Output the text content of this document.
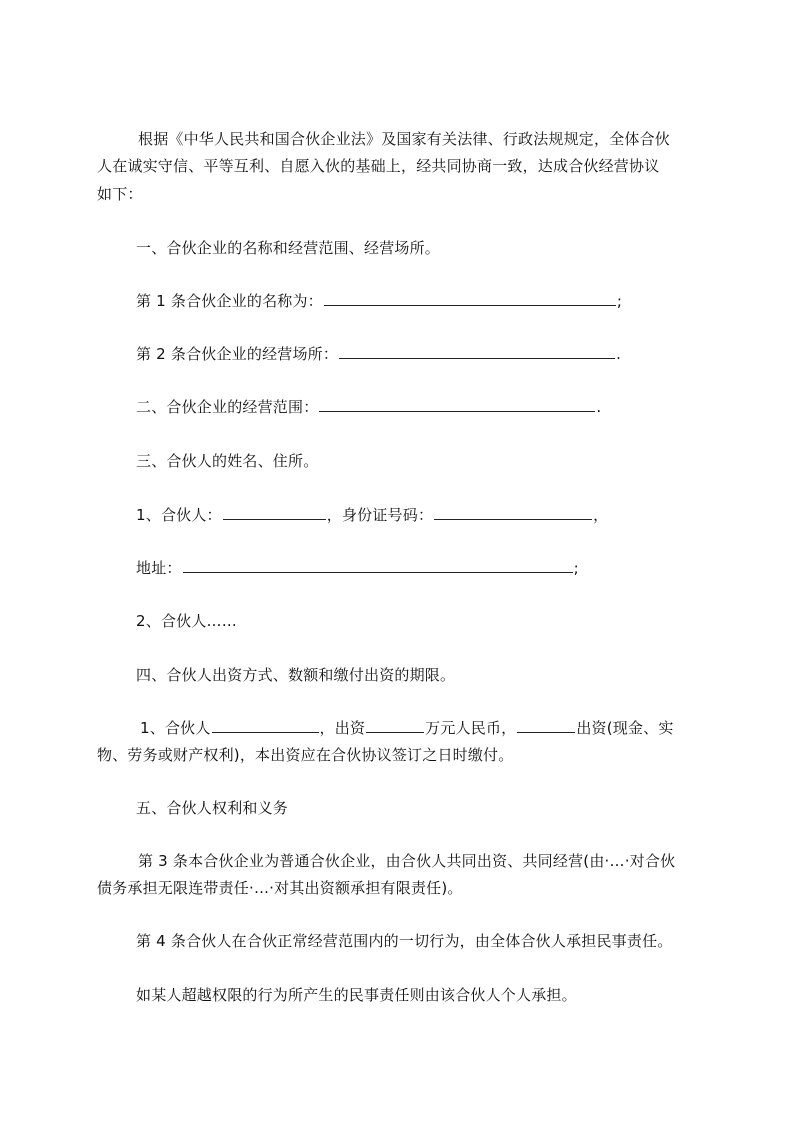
根据《中华人民共和国合伙企业法》及国家有关法律、行政法规规定，全体合伙
人在诚实守信、平等互利、自愿入伙的基础上，经共同协商一致，达成合伙经营协议
如下：
一、合伙企业的名称和经营范围、经营场所。
第 1 条合伙企业的名称为：	;
第 2 条合伙企业的经营场所：	.
二、合伙企业的经营范围：	.
三、合伙人的姓名、住所。
1、合伙人：	，身份证号码：	，
地址：	;
2、合伙人……
四、合伙人出资方式、数额和缴付出资的期限。
1、合伙人	，出资	万元人民币，	出资(现金、实
物、劳务或财产权利)，本出资应在合伙协议签订之日时缴付。
五、合伙人权利和义务
第 3 条本合伙企业为普通合伙企业，由合伙人共同出资、共同经营(由·…·对合伙
债务承担无限连带责任·…·对其出资额承担有限责任)。
第 4 条合伙人在合伙正常经营范围内的一切行为，由全体合伙人承担民事责任。
如某人超越权限的行为所产生的民事责任则由该合伙人个人承担。
